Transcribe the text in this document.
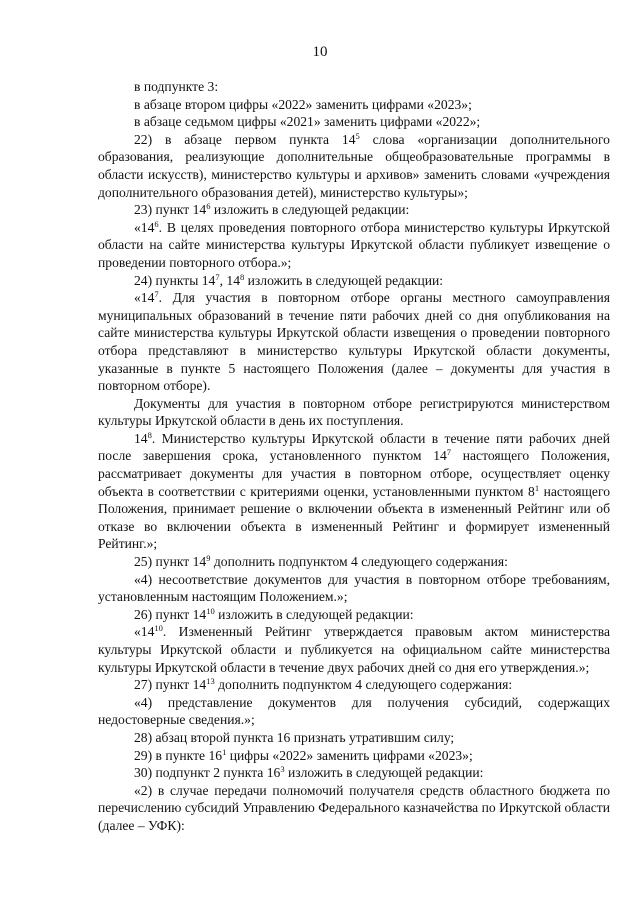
10

в подпункте 3:

в абзаце втором цифры «2022» заменить цифрами «2023»;

в абзаце седьмом цифры «2021» заменить цифрами «2022»;

22) в абзаце первом пункта $14^5$ слова «организации дополнительного образования, реализующие дополнительные общеобразовательные программы в области искусств), министерство культуры и архивов» заменить словами «учреждения дополнительного образования детей), министерство культуры»;

23) пункт $14^6$ изложить в следующей редакции:

«$14^6$. В целях проведения повторного отбора министерство культуры Иркутской области на сайте министерства культуры Иркутской области публикует извещение о проведении повторного отбора.»;

24) пункты $14^7$, $14^8$ изложить в следующей редакции:

«$14^7$. Для участия в повторном отборе органы местного самоуправления муниципальных образований в течение пяти рабочих дней со дня опубликования на сайте министерства культуры Иркутской области извещения о проведении повторного отбора представляют в министерство культуры Иркутской области документы, указанные в пункте 5 настоящего Положения (далее – документы для участия в повторном отборе).

Документы для участия в повторном отборе регистрируются министерством культуры Иркутской области в день их поступления.

$14^8$. Министерство культуры Иркутской области в течение пяти рабочих дней после завершения срока, установленного пунктом $14^7$ настоящего Положения, рассматривает документы для участия в повторном отборе, осуществляет оценку объекта в соответствии с критериями оценки, установленными пунктом $8^1$ настоящего Положения, принимает решение о включении объекта в измененный Рейтинг или об отказе во включении объекта в измененный Рейтинг и формирует измененный Рейтинг.»;

25) пункт $14^9$ дополнить подпунктом 4 следующего содержания:

«4) несоответствие документов для участия в повторном отборе требованиям, установленным настоящим Положением.»;

26) пункт $14^{10}$ изложить в следующей редакции:

«$14^{10}$. Измененный Рейтинг утверждается правовым актом министерства культуры Иркутской области и публикуется на официальном сайте министерства культуры Иркутской области в течение двух рабочих дней со дня его утверждения.»;

27) пункт $14^{13}$ дополнить подпунктом 4 следующего содержания:

«4) представление документов для получения субсидий, содержащих недостоверные сведения.»;

28) абзац второй пункта 16 признать утратившим силу;

29) в пункте $16^1$ цифры «2022» заменить цифрами «2023»;

30) подпункт 2 пункта $16^3$ изложить в следующей редакции:

«2) в случае передачи полномочий получателя средств областного бюджета по перечислению субсидий Управлению Федерального казначейства по Иркутской области (далее – УФК):
